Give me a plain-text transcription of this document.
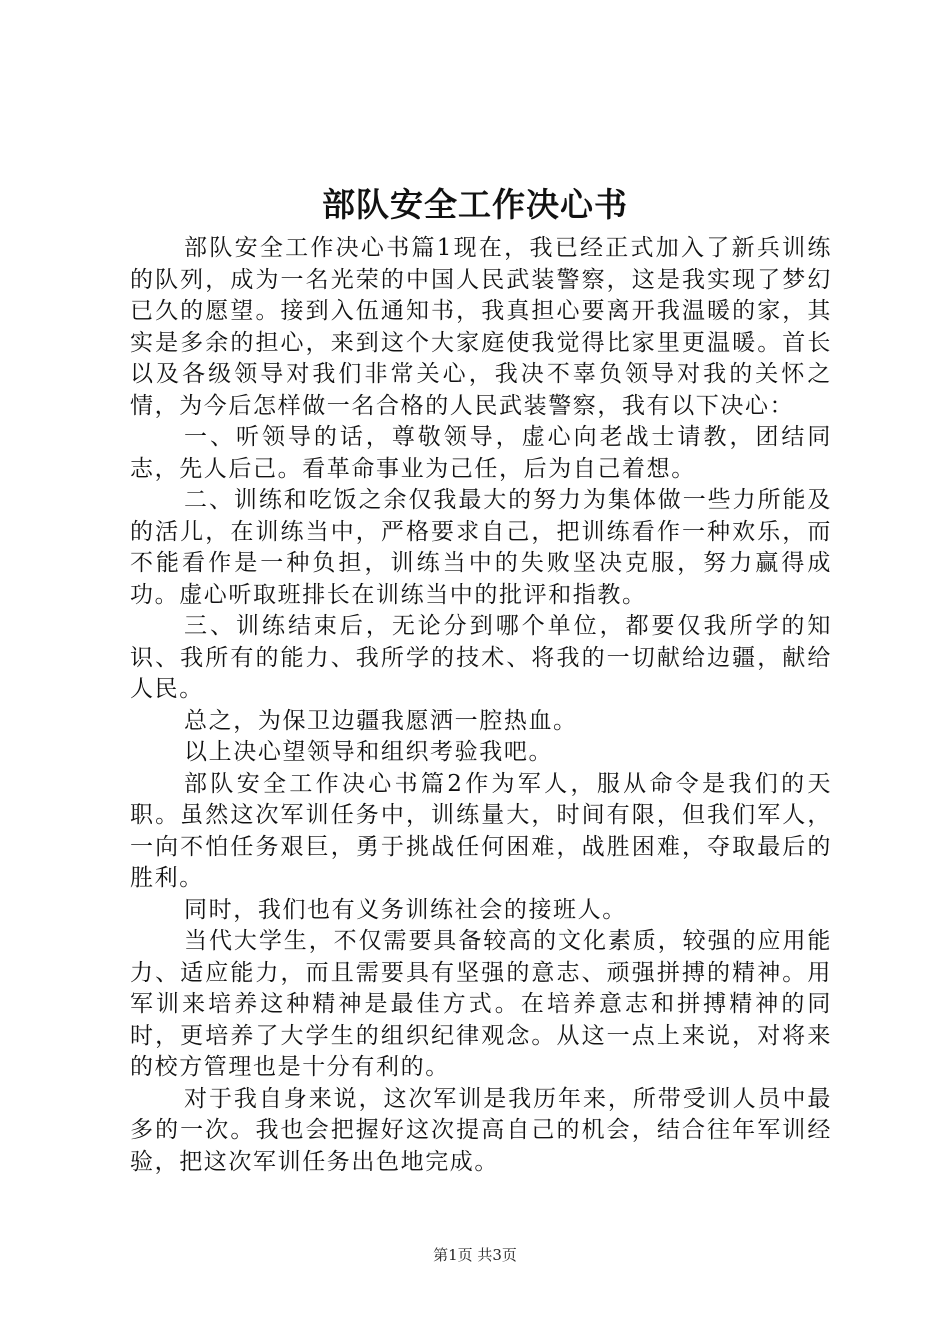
部队安全工作决心书

部队安全工作决心书篇1现在，我已经正式加入了新兵训练的队列，成为一名光荣的中国人民武装警察，这是我实现了梦幻已久的愿望。接到入伍通知书，我真担心要离开我温暖的家，其实是多余的担心，来到这个大家庭使我觉得比家里更温暖。首长以及各级领导对我们非常关心，我决不辜负领导对我的关怀之情，为今后怎样做一名合格的人民武装警察，我有以下决心：

一、听领导的话，尊敬领导，虚心向老战士请教，团结同志，先人后己。看革命事业为己任，后为自己着想。

二、训练和吃饭之余仅我最大的努力为集体做一些力所能及的活儿，在训练当中，严格要求自己，把训练看作一种欢乐，而不能看作是一种负担，训练当中的失败坚决克服，努力赢得成功。虚心听取班排长在训练当中的批评和指教。

三、训练结束后，无论分到哪个单位，都要仅我所学的知识、我所有的能力、我所学的技术、将我的一切献给边疆，献给人民。

总之，为保卫边疆我愿洒一腔热血。

以上决心望领导和组织考验我吧。

部队安全工作决心书篇2作为军人，服从命令是我们的天职。虽然这次军训任务中，训练量大，时间有限，但我们军人，一向不怕任务艰巨，勇于挑战任何困难，战胜困难，夺取最后的胜利。

同时，我们也有义务训练社会的接班人。

当代大学生，不仅需要具备较高的文化素质，较强的应用能力、适应能力，而且需要具有坚强的意志、顽强拼搏的精神。用军训来培养这种精神是最佳方式。在培养意志和拼搏精神的同时，更培养了大学生的组织纪律观念。从这一点上来说，对将来的校方管理也是十分有利的。

对于我自身来说，这次军训是我历年来，所带受训人员中最多的一次。我也会把握好这次提高自己的机会，结合往年军训经验，把这次军训任务出色地完成。

第1页 共3页
